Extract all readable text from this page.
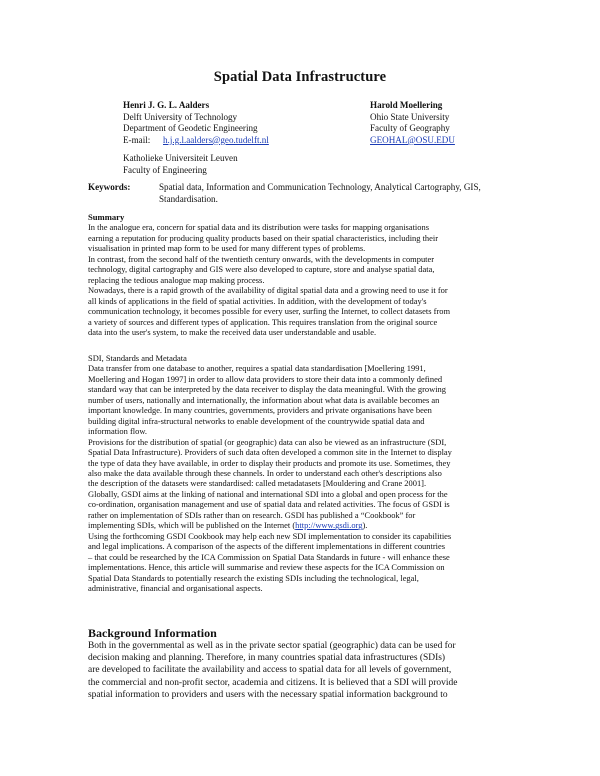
Spatial Data Infrastructure
Henri J. G. L. Aalders
Delft University of Technology
Department of Geodetic Engineering
E-mail: h.j.g.l.aalders@geo.tudelft.nl
Katholieke Universiteit Leuven
Faculty of Engineering
Harold Moellering
Ohio State University
Faculty of Geography
GEOHAL@OSU.EDU
Keywords:	Spatial data, Information and Communication Technology, Analytical Cartography, GIS,
Standardisation.

Summary

In the analogue era, concern for spatial data and its distribution were tasks for mapping organisations

earning a reputation for producing quality products based on their spatial characteristics, including their

visualisation in printed map form to be used for many different types of problems.

In contrast, from the second half of the twentieth century onwards, with the developments in computer

technology, digital cartography and GIS were also developed to capture, store and analyse spatial data,

replacing the tedious analogue map making process.

Nowadays, there is a rapid growth of the availability of digital spatial data and a growing need to use it for

all kinds of applications in the field of spatial activities. In addition, with the development of today's

communication technology, it becomes possible for every user, surfing the Internet, to collect datasets from

a variety of sources and different types of application. This requires translation from the original source

data into the user's system, to make the received data user understandable and usable.

SDI, Standards and Metadata

Data transfer from one database to another, requires a spatial data standardisation [Moellering 1991,

Moellering and Hogan 1997] in order to allow data providers to store their data into a commonly defined

standard way that can be interpreted by the data receiver to display the data meaningful. With the growing

number of users, nationally and internationally, the information about what data is available becomes an

important knowledge. In many countries, governments, providers and private organisations have been

building digital infra-structural networks to enable development of the countrywide spatial data and

information flow.

Provisions for the distribution of spatial (or geographic) data can also be viewed as an infrastructure (SDI,

Spatial Data Infrastructure). Providers of such data often developed a common site in the Internet to display

the type of data they have available, in order to display their products and promote its use. Sometimes, they

also make the data available through these channels. In order to understand each other's descriptions also

the description of the datasets were standardised: called metadatasets [Mouldering and Crane 2001].

Globally, GSDI aims at the linking of national and international SDI into a global and open process for the

co-ordination, organisation management and use of spatial data and related activities. The focus of GSDI is

rather on implementation of SDIs rather than on research. GSDI has published a “Cookbook” for

implementing SDIs, which will be published on the Internet (http://www.gsdi.org).

Using the forthcoming GSDI Cookbook may help each new SDI implementation to consider its capabilities

and legal implications. A comparison of the aspects of the different implementations in different countries

– that could be researched by the ICA Commission on Spatial Data Standards in future - will enhance these

implementations. Hence, this article will summarise and review these aspects for the ICA Commission on

Spatial Data Standards to potentially research the existing SDIs including the technological, legal,

administrative, financial and organisational aspects.

Background Information

Both in the governmental as well as in the private sector spatial (geographic) data can be used for

decision making and planning. Therefore, in many countries spatial data infrastructures (SDIs)

are developed to facilitate the availability and access to spatial data for all levels of government,

the commercial and non-profit sector, academia and citizens. It is believed that a SDI will provide

spatial information to providers and users with the necessary spatial information background to
